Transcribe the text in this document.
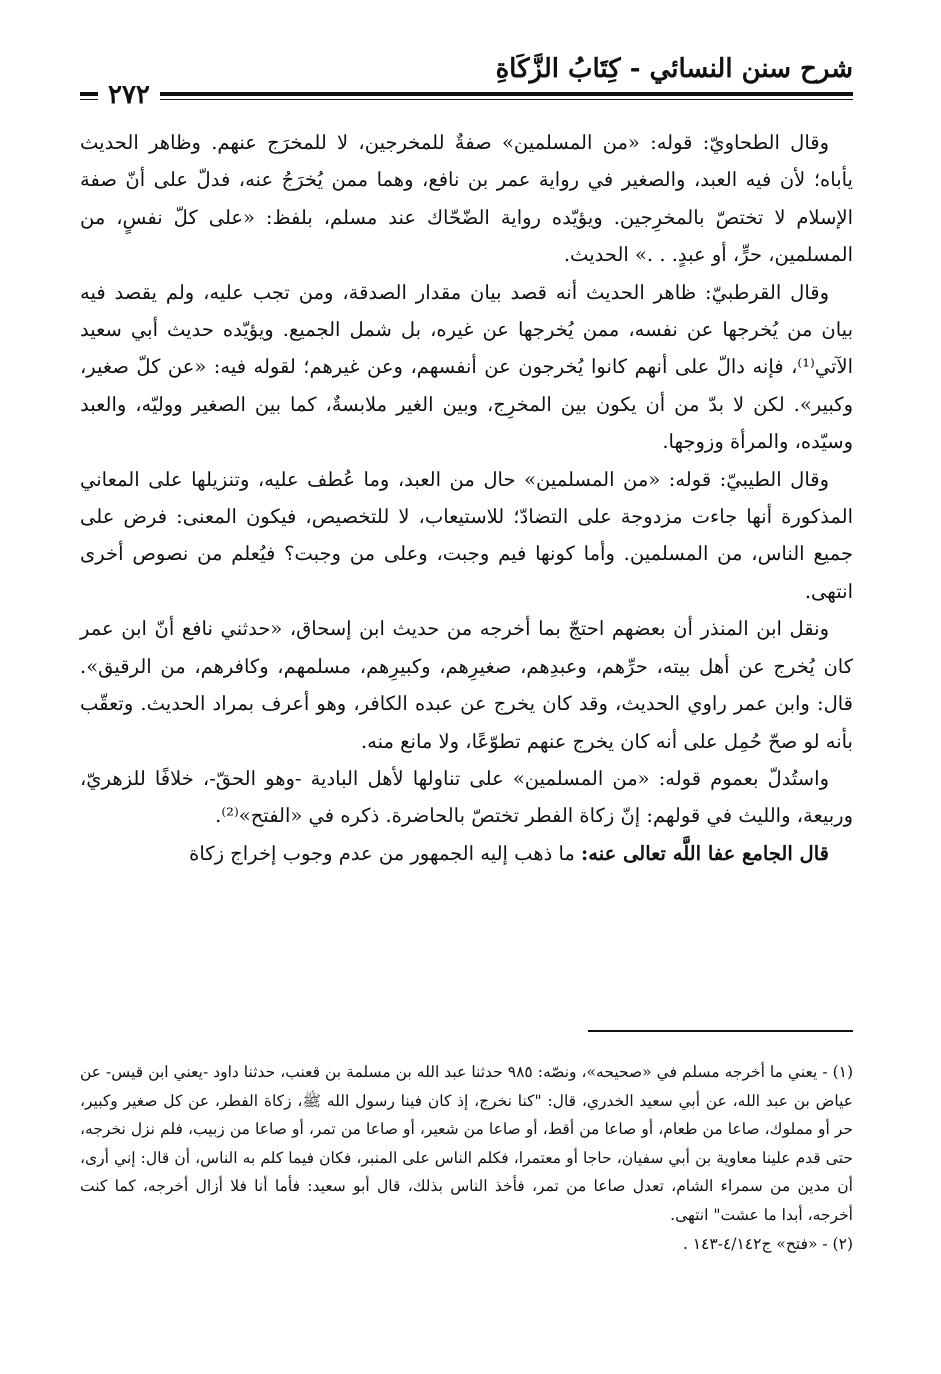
شرح سنن النسائي - كِتَابُ الزَّكَاةِ
٢٧٢

وقال الطحاويّ: قوله: «من المسلمين» صفةٌ للمخرجين، لا للمخرَج عنهم. وظاهر الحديث يأباه؛ لأن فيه العبد، والصغير في رواية عمر بن نافع، وهما ممن يُخرَجُ عنه، فدلّ على أنّ صفة الإسلام لا تختصّ بالمخرِجين. ويؤيّده رواية الضّحّاك عند مسلم، بلفظ: «على كلّ نفسٍ، من المسلمين، حرٍّ، أو عبدٍ. . .» الحديث.

وقال القرطبيّ: ظاهر الحديث أنه قصد بيان مقدار الصدقة، ومن تجب عليه، ولم يقصد فيه بيان من يُخرجها عن نفسه، ممن يُخرجها عن غيره، بل شمل الجميع. ويؤيّده حديث أبي سعيد الآتي⁽¹⁾، فإنه دالّ على أنهم كانوا يُخرجون عن أنفسهم، وعن غيرهم؛ لقوله فيه: «عن كلّ صغير، وكبير». لكن لا بدّ من أن يكون بين المخرِج، وبين الغير ملابسةٌ، كما بين الصغير ووليّه، والعبد وسيّده، والمرأة وزوجها.

وقال الطيبيّ: قوله: «من المسلمين» حال من العبد، وما عُطف عليه، وتنزيلها على المعاني المذكورة أنها جاءت مزدوجة على التضادّ؛ للاستيعاب، لا للتخصيص، فيكون المعنى: فرض على جميع الناس، من المسلمين. وأما كونها فيم وجبت، وعلى من وجبت؟ فيُعلم من نصوص أخرى انتهى.

ونقل ابن المنذر أن بعضهم احتجّ بما أخرجه من حديث ابن إسحاق، «حدثني نافع أنّ ابن عمر كان يُخرج عن أهل بيته، حرِّهم، وعبدِهم، صغيرِهم، وكبيرِهم، مسلمهم، وكافرهم، من الرقيق». قال: وابن عمر راوي الحديث، وقد كان يخرج عن عبده الكافر، وهو أعرف بمراد الحديث. وتعقّب بأنه لو صحّ حُمِل على أنه كان يخرج عنهم تطوّعًا، ولا مانع منه.

واستُدلّ بعموم قوله: «من المسلمين» على تناولها لأهل البادية -وهو الحقّ-، خلافًا للزهريّ، وربيعة، والليث في قولهم: إنّ زكاة الفطر تختصّ بالحاضرة. ذكره في «الفتح»⁽²⁾.

قال الجامع عفا اللَّه تعالى عنه: ما ذهب إليه الجمهور من عدم وجوب إخراج زكاة

(١) - يعني ما أخرجه مسلم في «صحيحه»، ونصّه: ٩٨٥ حدثنا عبد الله بن مسلمة بن قعنب، حدثنا داود -يعني ابن قيس- عن عياض بن عبد الله، عن أبي سعيد الخدري، قال: "كنا نخرج، إذ كان فينا رسول الله ﷺ، زكاة الفطر، عن كل صغير وكبير، حر أو مملوك، صاعا من طعام، أو صاعا من أقط، أو صاعا من شعير، أو صاعا من تمر، أو صاعا من زبيب، فلم نزل نخرجه، حتى قدم علينا معاوية بن أبي سفيان، حاجا أو معتمرا، فكلم الناس على المنبر، فكان فيما كلم به الناس، أن قال: إني أرى، أن مدين من سمراء الشام، تعدل صاعا من تمر، فأخذ الناس بذلك، قال أبو سعيد: فأما أنا فلا أزال أخرجه، كما كنت أخرجه، أبدا ما عشت" انتهى.

(٢) - «فتح» ج٤/١٤٢-١٤٣ .
